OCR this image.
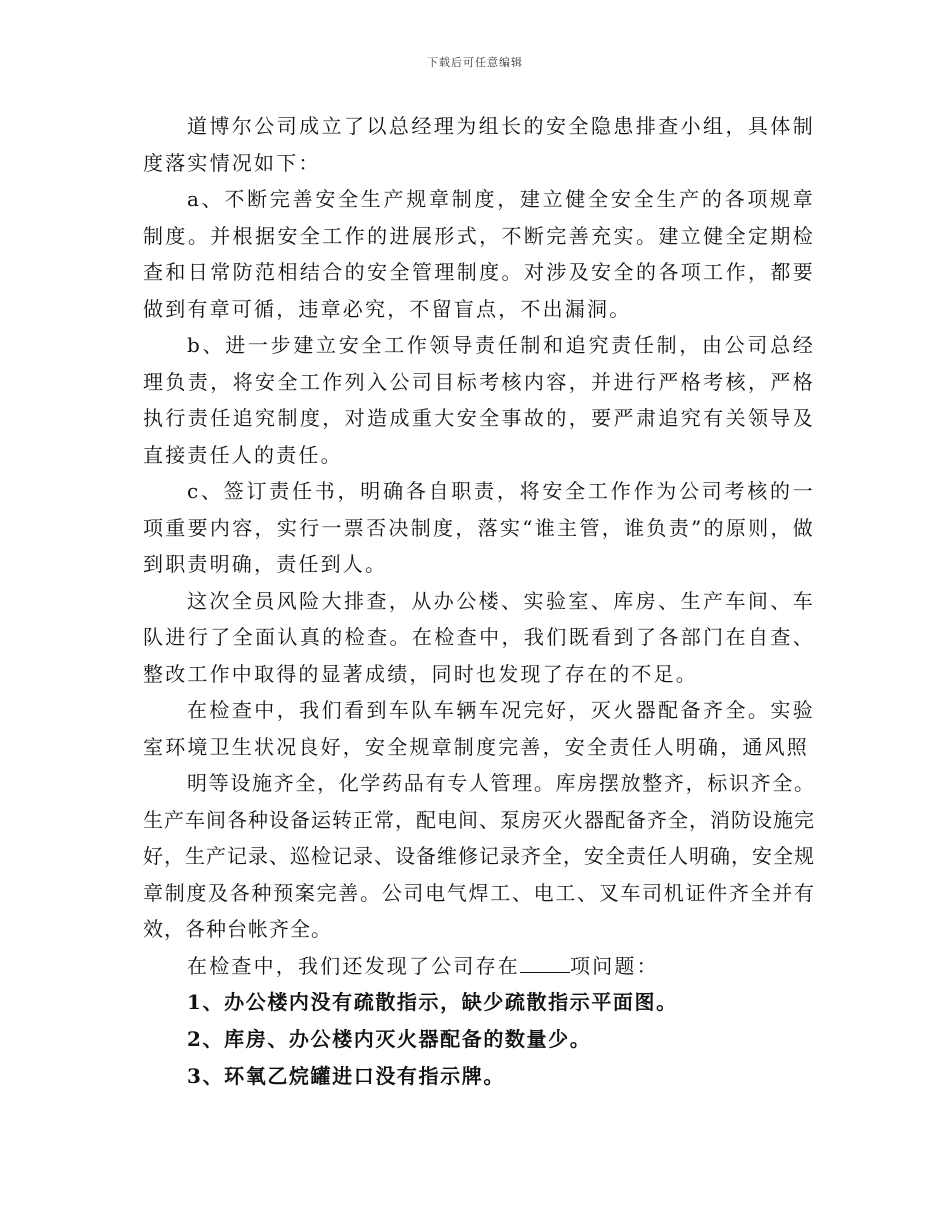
下载后可任意编辑

道博尔公司成立了以总经理为组长的安全隐患排查小组，具体制度落实情况如下：

a、不断完善安全生产规章制度，建立健全安全生产的各项规章制度。并根据安全工作的进展形式，不断完善充实。建立健全定期检查和日常防范相结合的安全管理制度。对涉及安全的各项工作，都要做到有章可循，违章必究，不留盲点，不出漏洞。

b、进一步建立安全工作领导责任制和追究责任制，由公司总经理负责，将安全工作列入公司目标考核内容，并进行严格考核，严格执行责任追究制度，对造成重大安全事故的，要严肃追究有关领导及直接责任人的责任。

c、签订责任书，明确各自职责，将安全工作作为公司考核的一项重要内容，实行一票否决制度，落实“谁主管，谁负责”的原则，做到职责明确，责任到人。

这次全员风险大排查，从办公楼、实验室、库房、生产车间、车队进行了全面认真的检查。在检查中，我们既看到了各部门在自查、整改工作中取得的显著成绩，同时也发现了存在的不足。

在检查中，我们看到车队车辆车况完好，灭火器配备齐全。实验室环境卫生状况良好，安全规章制度完善，安全责任人明确，通风照

明等设施齐全，化学药品有专人管理。库房摆放整齐，标识齐全。生产车间各种设备运转正常，配电间、泵房灭火器配备齐全，消防设施完好，生产记录、巡检记录、设备维修记录齐全，安全责任人明确，安全规章制度及各种预案完善。公司电气焊工、电工、叉车司机证件齐全并有效，各种台帐齐全。

在检查中，我们还发现了公司存在	项问题：

1、办公楼内没有疏散指示，缺少疏散指示平面图。

2、库房、办公楼内灭火器配备的数量少。

3、环氧乙烷罐进口没有指示牌。
